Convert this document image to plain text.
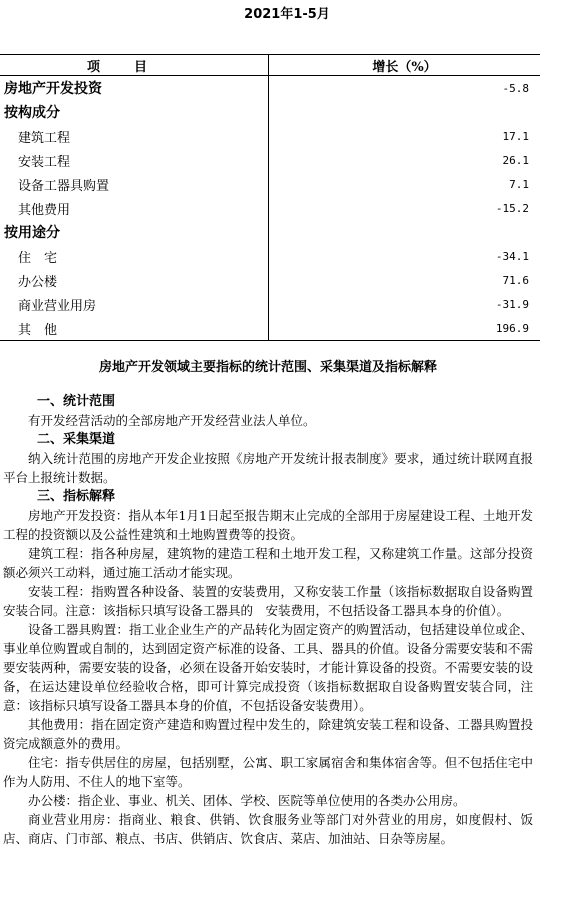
2021年1-5月
项目	增长（%）
房地产开发投资	-5.8
按构成分	
建筑工程	17.1
安装工程	26.1
设备工器具购置	7.1
其他费用	-15.2
按用途分	
住　宅	-34.1
办公楼	71.6
商业营业用房	-31.9
其　他	196.9
房地产开发领域主要指标的统计范围、采集渠道及指标解释
一、统计范围

有开发经营活动的全部房地产开发经营业法人单位。

二、采集渠道

纳入统计范围的房地产开发企业按照《房地产开发统计报表制度》要求，通过统计联网直报平台上报统计数据。

三、指标解释

房地产开发投资：指从本年1月1日起至报告期末止完成的全部用于房屋建设工程、土地开发工程的投资额以及公益性建筑和土地购置费等的投资。

建筑工程：指各种房屋，建筑物的建造工程和土地开发工程，又称建筑工作量。这部分投资额必须兴工动料，通过施工活动才能实现。

安装工程：指购置各种设备、装置的安装费用，又称安装工作量（该指标数据取自设备购置安装合同。注意：该指标只填写设备工器具的　安装费用，不包括设备工器具本身的价值）。

设备工器具购置：指工业企业生产的产品转化为固定资产的购置活动，包括建设单位或企、事业单位购置或自制的，达到固定资产标准的设备、工具、器具的价值。设备分需要安装和不需要安装两种，需要安装的设备，必须在设备开始安装时，才能计算设备的投资。不需要安装的设备，在运达建设单位经验收合格，即可计算完成投资（该指标数据取自设备购置安装合同，注意：该指标只填写设备工器具本身的价值，不包括设备安装费用）。

其他费用：指在固定资产建造和购置过程中发生的，除建筑安装工程和设备、工器具购置投资完成额意外的费用。

住宅：指专供居住的房屋，包括别墅，公寓、职工家属宿舍和集体宿舍等。但不包括住宅中作为人防用、不住人的地下室等。

办公楼：指企业、事业、机关、团体、学校、医院等单位使用的各类办公用房。

商业营业用房：指商业、粮食、供销、饮食服务业等部门对外营业的用房，如度假村、饭店、商店、门市部、粮点、书店、供销店、饮食店、菜店、加油站、日杂等房屋。
